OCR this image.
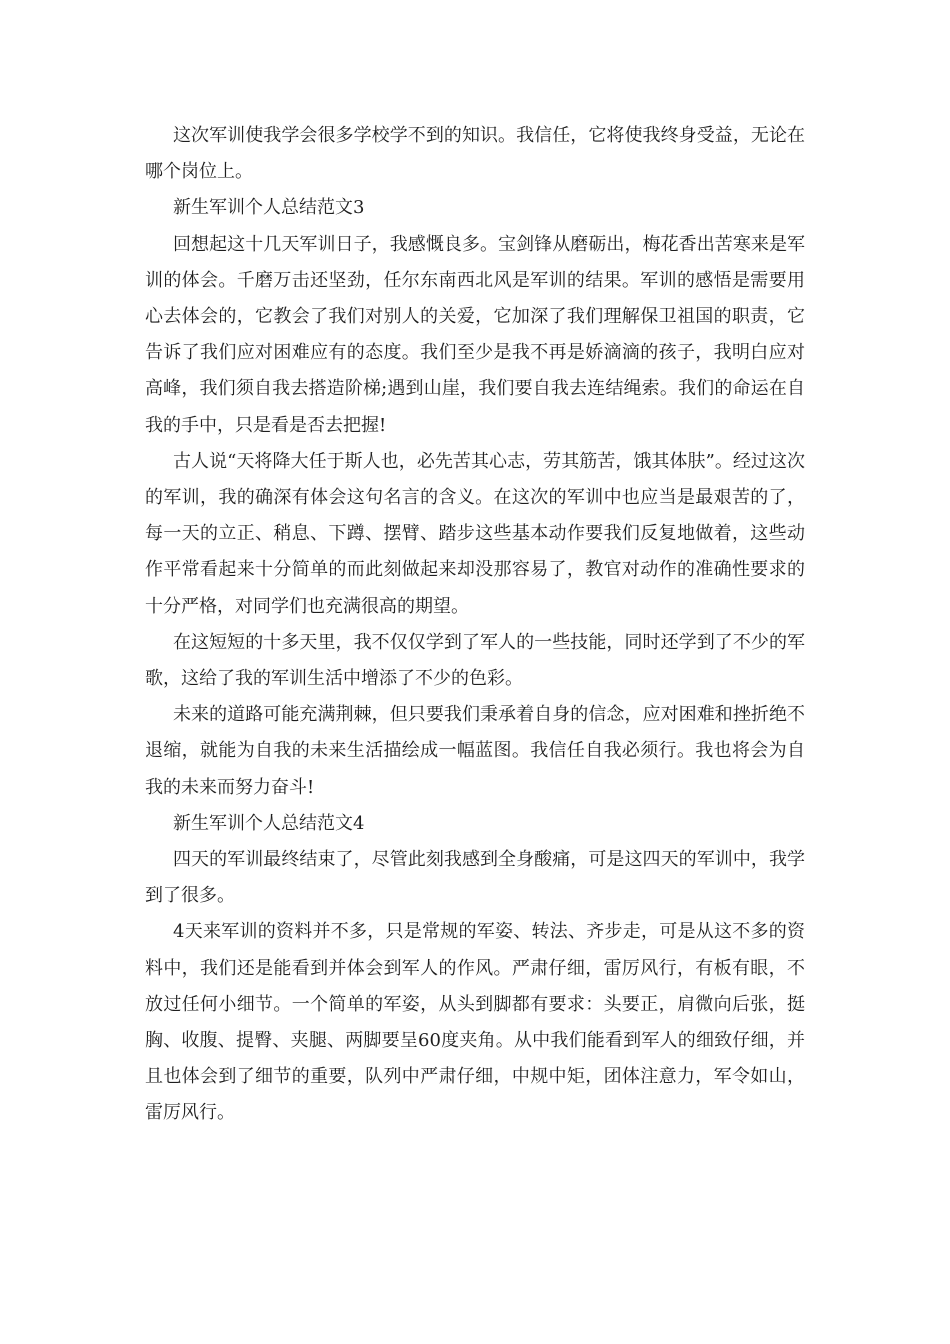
这次军训使我学会很多学校学不到的知识。我信任，它将使我终身受益，无论在哪个岗位上。

新生军训个人总结范文3

回想起这十几天军训日子，我感慨良多。宝剑锋从磨砺出，梅花香出苦寒来是军训的体会。千磨万击还坚劲，任尔东南西北风是军训的结果。军训的感悟是需要用心去体会的，它教会了我们对别人的关爱，它加深了我们理解保卫祖国的职责，它告诉了我们应对困难应有的态度。我们至少是我不再是娇滴滴的孩子，我明白应对高峰，我们须自我去搭造阶梯;遇到山崖，我们要自我去连结绳索。我们的命运在自我的手中，只是看是否去把握!

古人说“天将降大任于斯人也，必先苦其心志，劳其筋苦，饿其体肤”。经过这次的军训，我的确深有体会这句名言的含义。在这次的军训中也应当是最艰苦的了，每一天的立正、稍息、下蹲、摆臂、踏步这些基本动作要我们反复地做着，这些动作平常看起来十分简单的而此刻做起来却没那容易了，教官对动作的准确性要求的十分严格，对同学们也充满很高的期望。

在这短短的十多天里，我不仅仅学到了军人的一些技能，同时还学到了不少的军歌，这给了我的军训生活中增添了不少的色彩。

未来的道路可能充满荆棘，但只要我们秉承着自身的信念，应对困难和挫折绝不退缩，就能为自我的未来生活描绘成一幅蓝图。我信任自我必须行。我也将会为自我的未来而努力奋斗!

新生军训个人总结范文4

四天的军训最终结束了，尽管此刻我感到全身酸痛，可是这四天的军训中，我学到了很多。

4天来军训的资料并不多，只是常规的军姿、转法、齐步走，可是从这不多的资料中，我们还是能看到并体会到军人的作风。严肃仔细，雷厉风行，有板有眼，不放过任何小细节。一个简单的军姿，从头到脚都有要求：头要正，肩微向后张，挺胸、收腹、提臀、夹腿、两脚要呈60度夹角。从中我们能看到军人的细致仔细，并且也体会到了细节的重要，队列中严肃仔细，中规中矩，团体注意力，军令如山，雷厉风行。
